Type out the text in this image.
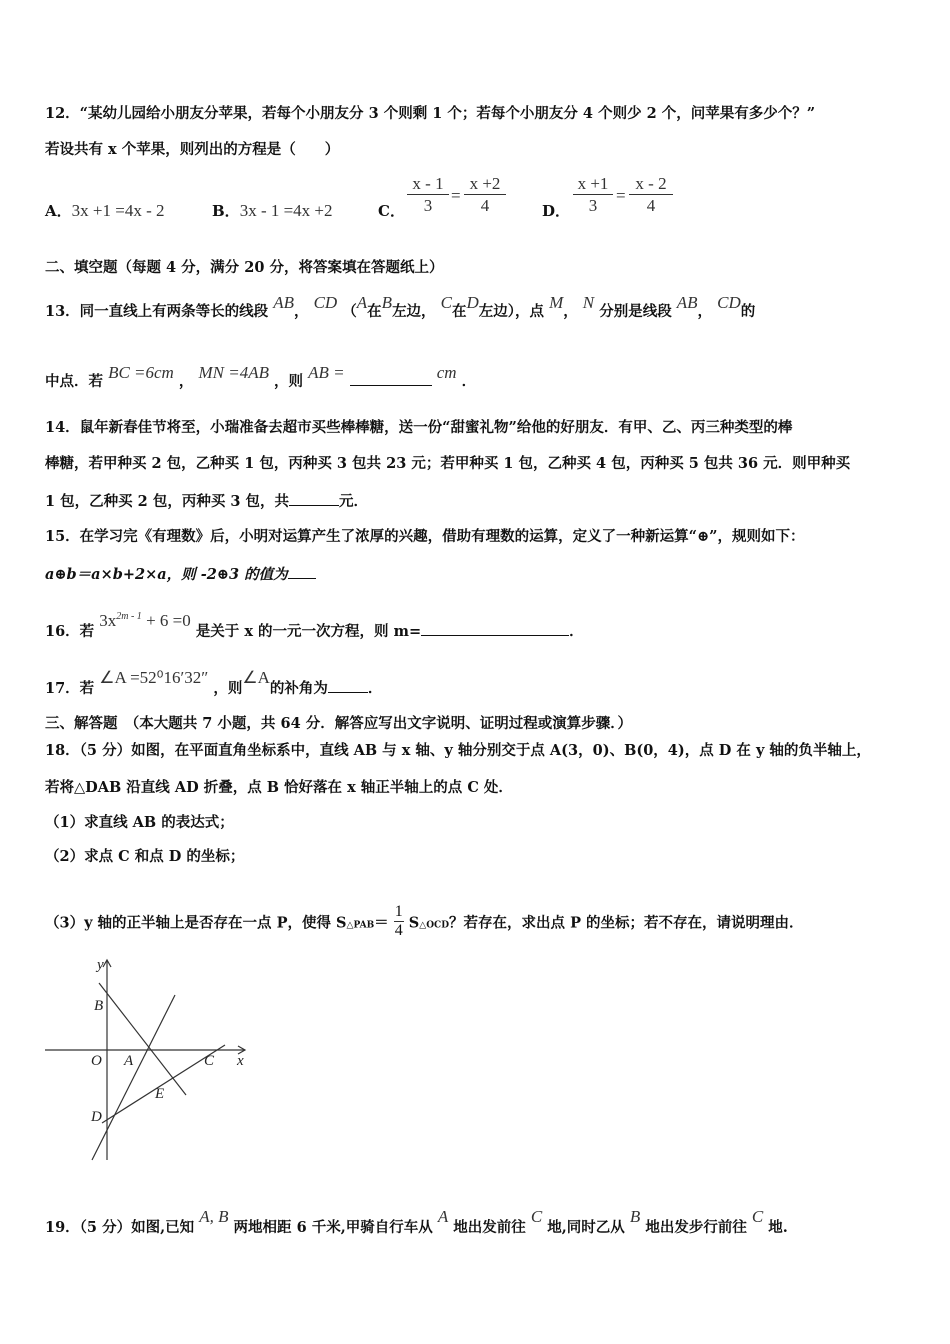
12．“某幼儿园给小朋友分苹果，若每个小朋友分 3 个则剩 1 个；若每个小朋友分 4 个则少 2 个，问苹果有多少个？”
若设共有 x 个苹果，则列出的方程是（　　）
A．3x +1 =4x - 2	B．3x - 1 =4x +2	C． $\frac{x - 1}{3} = \frac{x +2}{4}$ D． $\frac{x +1}{3} = \frac{x - 2}{4}$
二、填空题（每题 4 分，满分 20 分，将答案填在答题纸上）
13．同一直线上有两条等长的线段 AB， CD （A在B左边， C在D左边），点 M， N 分别是线段 AB， CD的
中点．若 BC =6cm ， MN =4AB ，则 AB =	cm ．
14．鼠年新春佳节将至，小瑞准备去超市买些棒棒糖，送一份“甜蜜礼物”给他的好朋友．有甲、乙、丙三种类型的棒
棒糖，若甲种买 2 包，乙种买 1 包，丙种买 3 包共 23 元；若甲种买 1 包，乙种买 4 包，丙种买 5 包共 36 元．则甲种买
1 包，乙种买 2 包，丙种买 3 包，共	元．
15．在学习完《有理数》后，小明对运算产生了浓厚的兴趣，借助有理数的运算，定义了一种新运算“⊕”，规则如下：
a⊕b＝a×b+2×a，则 -2⊕3 的值为
16．若 $3x^{2m - 1} + 6 =0$ 是关于 x 的一元一次方程，则 m=	．
17．若 ∠A =52⁰16′32″ ，则∠A的补角为	．
三、解答题　（本大题共 7 小题，共 64 分．解答应写出文字说明、证明过程或演算步骤．）
18．（5 分）如图，在平面直角坐标系中，直线 AB 与 x 轴、y 轴分别交于点 A(3，0)、B(0，4)，点 D 在 y 轴的负半轴上，
若将△DAB 沿直线 AD 折叠，点 B 恰好落在 x 轴正半轴上的点 C 处．
（1）求直线 AB 的表达式；
（2）求点 C 和点 D 的坐标；
（3）y 轴的正半轴上是否存在一点 P，使得 S△PAB＝ $\frac{1}{4}$ S△OCD？若存在，求出点 P 的坐标；若不存在，请说明理由．
y
x
B
O A	C
E
D
19．（5 分）如图,已知 A, B 两地相距 6 千米,甲骑自行车从 A 地出发前往 C 地,同时乙从 B 地出发步行前往 C 地.
